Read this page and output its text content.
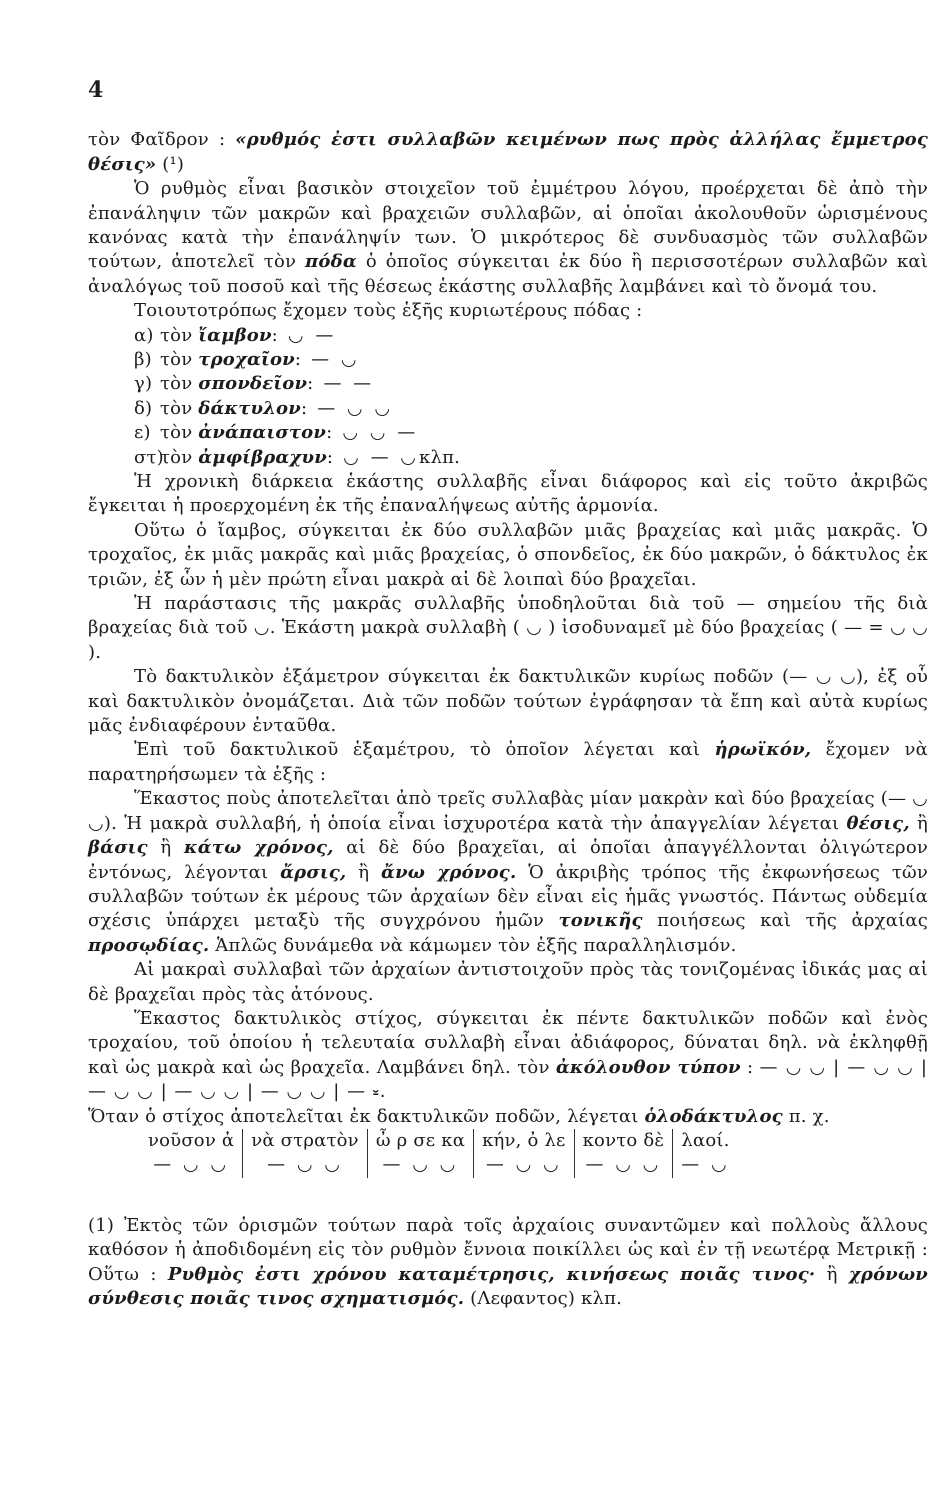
4

τὸν Φαῖδρον : «ρυθμός ἐστι συλλαβῶν κειμένων πως πρὸς ἀλλήλας ἔμμετρος θέσις» (¹)

Ὁ ρυθμὸς εἶναι βασικὸν στοιχεῖον τοῦ ἐμμέτρου λόγου, προέρχεται δὲ ἀπὸ τὴν ἐπανάληψιν τῶν μακρῶν καὶ βραχειῶν συλλαβῶν, αἱ ὁποῖαι ἀκολουθοῦν ὡρισμένους κανόνας κατὰ τὴν ἐπανάληψίν των. Ὁ μικρότερος δὲ συνδυασμὸς τῶν συλλαβῶν τούτων, ἀποτελεῖ τὸν πόδα ὁ ὁποῖος σύγκειται ἐκ δύο ἢ περισσοτέρων συλλαβῶν καὶ ἀναλόγως τοῦ ποσοῦ καὶ τῆς θέσεως ἑκάστης συλλαβῆς λαμβάνει καὶ τὸ ὄνομά του.

Τοιουτοτρόπως ἔχομεν τοὺς ἑξῆς κυριωτέρους πόδας :

α) τὸν
ἴαμβον : ◡ —
β) τὸν
τροχαῖον : — ◡
γ) τὸν
σπονδεῖον : — —
δ) τὸν
δάκτυλον : — ◡ ◡
ε) τὸν
ἀνάπαιστον : ◡ ◡ —
στ)
τὸν
ἀμφίβραχυν : ◡ — ◡ κλπ.

Ἡ χρονικὴ διάρκεια ἑκάστης συλλαβῆς εἶναι διάφορος καὶ εἰς τοῦτο ἀκριβῶς ἔγκειται ἡ προερχομένη ἐκ τῆς ἐπαναλήψεως αὐτῆς ἁρμονία.

Οὕτω ὁ ἴαμβος, σύγκειται ἐκ δύο συλλαβῶν μιᾶς βραχείας καὶ μιᾶς μακρᾶς. Ὁ τροχαῖος, ἐκ μιᾶς μακρᾶς καὶ μιᾶς βραχείας, ὁ σπονδεῖος, ἐκ δύο μακρῶν, ὁ δάκτυλος ἐκ τριῶν, ἐξ ὧν ἡ μὲν πρώτη εἶναι μακρὰ αἱ δὲ λοιπαὶ δύο βραχεῖαι.

Ἡ παράστασις τῆς μακρᾶς συλλαβῆς ὑποδηλοῦται διὰ τοῦ — σημείου τῆς διὰ βραχείας διὰ τοῦ ◡. Ἑκάστη μακρὰ συλλαβὴ ( ◡ ) ἰσοδυναμεῖ μὲ δύο βραχείας ( — = ◡ ◡ ).

Τὸ δακτυλικὸν ἑξάμετρον σύγκειται ἐκ δακτυλικῶν κυρίως ποδῶν (— ◡ ◡), ἐξ οὗ καὶ δακτυλικὸν ὀνομάζεται. Διὰ τῶν ποδῶν τούτων ἐγράφησαν τὰ ἔπη καὶ αὐτὰ κυρίως μᾶς ἐνδιαφέρουν ἐνταῦθα.

Ἐπὶ τοῦ δακτυλικοῦ ἑξαμέτρου, τὸ ὁποῖον λέγεται καὶ ἡρωϊκόν, ἔχομεν νὰ παρατηρήσωμεν τὰ ἑξῆς :

Ἕκαστος ποὺς ἀποτελεῖται ἀπὸ τρεῖς συλλαβὰς μίαν μακρὰν καὶ δύο βραχείας (— ◡ ◡). Ἡ μακρὰ συλλαβή, ἡ ὁποία εἶναι ἰσχυροτέρα κατὰ τὴν ἀπαγγελίαν λέγεται θέσις, ἢ βάσις ἢ κάτω χρόνος, αἱ δὲ δύο βραχεῖαι, αἱ ὁποῖαι ἀπαγγέλλονται ὀλιγώτερον ἐντόνως, λέγονται ἄρσις, ἢ ἄνω χρόνος. Ὁ ἀκριβὴς τρόπος τῆς ἐκφωνήσεως τῶν συλλαβῶν τούτων ἐκ μέρους τῶν ἀρχαίων δὲν εἶναι εἰς ἡμᾶς γνωστός. Πάντως οὐδεμία σχέσις ὑπάρχει μεταξὺ τῆς συγχρόνου ἡμῶν τονικῆς ποιήσεως καὶ τῆς ἀρχαίας προσῳδίας. Ἁπλῶς δυνάμεθα νὰ κάμωμεν τὸν ἑξῆς παραλληλισμόν.

Αἱ μακραὶ συλλαβαὶ τῶν ἀρχαίων ἀντιστοιχοῦν πρὸς τὰς τονιζομένας ἰδικάς μας αἱ δὲ βραχεῖαι πρὸς τὰς ἀτόνους.

Ἕκαστος δακτυλικὸς στίχος, σύγκειται ἐκ πέντε δακτυλικῶν ποδῶν καὶ ἑνὸς τροχαίου, τοῦ ὁποίου ἡ τελευταία συλλαβὴ εἶναι ἀδιάφορος, δύναται δηλ. νὰ ἐκληφθῇ καὶ ὡς μακρὰ καὶ ὡς βραχεῖα. Λαμβάνει δηλ. τὸν ἀκόλουθον τύπον : — ◡ ◡ | — ◡ ◡ | — ◡ ◡ | — ◡ ◡ | — ◡ ◡ | — ⏓.

Ὅταν ὁ στίχος ἀποτελεῖται ἐκ δακτυλικῶν ποδῶν, λέγεται ὁλοδάκτυλος π. χ.

νοῦσον ἀ
— ◡ ◡
νὰ στρατὸν
— ◡ ◡
ὦ ρ σε κα
— ◡ ◡
κήν, ὀ λε
— ◡ ◡
κοντο δὲ
— ◡ ◡
λαοί.
— ◡

(1) Ἐκτὸς τῶν ὁρισμῶν τούτων παρὰ τοῖς ἀρχαίοις συναντῶμεν καὶ πολλοὺς ἄλλους καθόσον ἡ ἀποδιδομένη εἰς τὸν ρυθμὸν ἔννοια ποικίλλει ὡς καὶ ἐν τῇ νεωτέρᾳ Μετρικῇ : Οὕτω : Ρυθμὸς ἐστι χρόνου καταμέτρησις, κινήσεως ποιᾶς τινος· ἢ χρόνων σύνθεσις ποιᾶς τινος σχηματισμός. (Λεφαντος) κλπ.
